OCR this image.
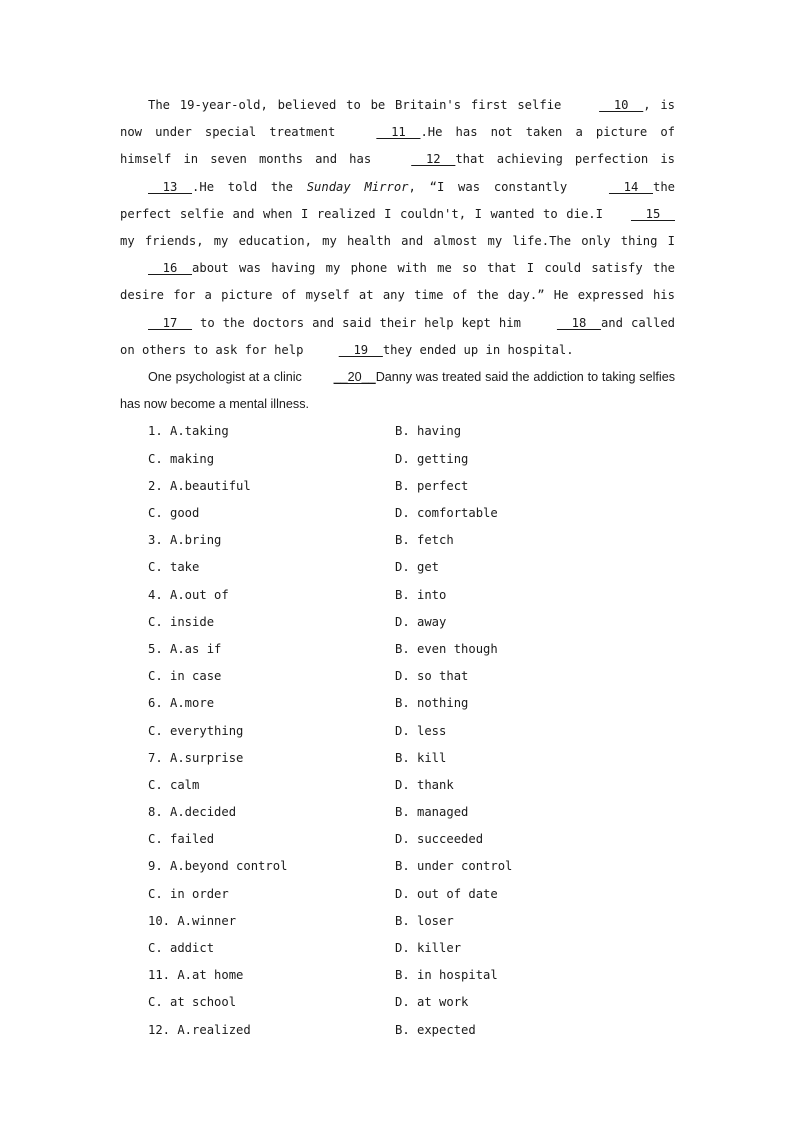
The 19-year-old, believed to be Britain's first selfie __10__, is now under special treatment __11__.He has not taken a picture of himself in seven months and has __12__that achieving perfection is __13__.He told the Sunday Mirror, “I was constantly __14__the perfect selfie and when I realized I couldn't, I wanted to die.I __15__my friends, my education, my health and almost my life.The only thing I __16__about was having my phone with me so that I could satisfy the desire for a picture of myself at any time of the day.” He expressed his __17__ to the doctors and said their help kept him __18__and called on others to ask for help __19__they ended up in hospital.

One psychologist at a clinic __20__Danny was treated said the addiction to taking selfies has now become a mental illness.

1. A.taking	B. having
C. making	D. getting
2. A.beautiful	B. perfect
C. good	D. comfortable
3. A.bring	B. fetch
C. take	D. get
4. A.out of	B. into
C. inside	D. away
5. A.as if	B. even though
C. in case	D. so that
6. A.more	B. nothing
C. everything	D. less
7. A.surprise	B. kill
C. calm	D. thank
8. A.decided	B. managed
C. failed	D. succeeded
9. A.beyond control	B. under control
C. in order	D. out of date
10. A.winner	B. loser
C. addict	D. killer
11. A.at home	B. in hospital
C. at school	D. at work
12. A.realized	B. expected
